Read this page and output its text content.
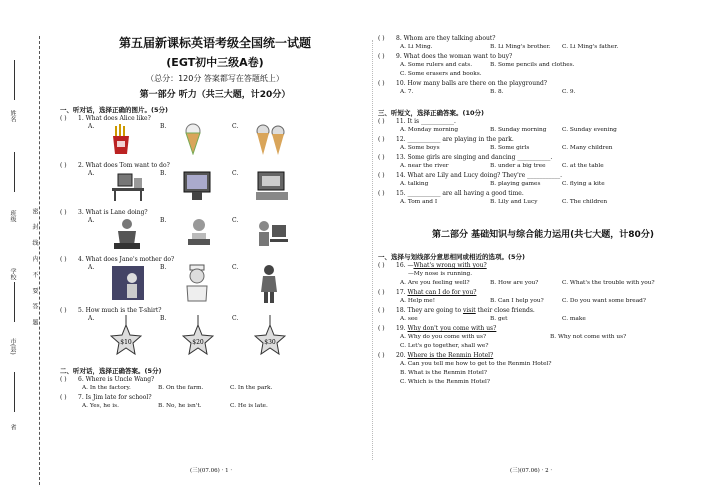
姓名
班级
学校
市(县)
省
密 封 线 内 不 要 答 题
第五届新课标英语考级全国统一试题
(EGT初中三级A卷)
（总分：120分 答案都写在答题纸上）
第一部分 听力（共三大题，计20分）
一、听对话，选择正确的图片。(5分)
( ) 1. What does Alice like?
A.	B.	C.
( ) 2. What does Tom want to do?
A.	B.	C.
( ) 3. What is Lane doing?
A.	B.	C.
( ) 4. What does Jane's mother do?
A.	B.	C.
( ) 5. How much is the T-shirt?
A.
$10
B.
$20
C.
$30
二、听对话，选择正确答案。(5分)
( ) 6. Where is Uncle Wang?
A. In the factory.	B. On the farm.	C. In the park.
( ) 7. Is Jim late for school?
A. Yes, he is.	B. No, he isn't.	C. He is late.
( ) 8. Whom are they talking about?
A. Li Ming.	B. Li Ming's brother.	C. Li Ming's father.
( ) 9. What does the woman want to buy?
A. Some rulers and cats.	B. Some pencils and clothes.
C. Some erasers and books.
( ) 10. How many balls are there on the playground?
A. 7.	B. 8.	C. 9.
三、听短文，选择正确答案。(10分)
( ) 11. It is ___________.
A. Monday morning	B. Sunday morning	C. Sunday evening
( ) 12. ___________ are playing in the park.
A. Some boys	B. Some girls	C. Many children
( ) 13. Some girls are singing and dancing ___________.
A. near the river	B. under a big tree	C. at the table
( ) 14. What are Lily and Lucy doing? They're ___________.
A. talking	B. playing games	C. flying a kite
( ) 15. ___________ are all having a good time.
A. Tom and I	B. Lily and Lucy	C. The children
第二部分 基础知识与综合能力运用(共七大题，计80分)
一、选择与划线部分意思相同或相近的选项。(5分)
( ) 16. —What's wrong with you?
—My nose is running.
A. Are you feeling well?	B. How are you?	C. What's the trouble with you?
( ) 17. What can I do for you?
A. Help me!	B. Can I help you?	C. Do you want some bread?
( ) 18. They are going to visit their close friends.
A. see	B. get	C. make
( ) 19. Why don't you come with us?
A. Why do you come with us?	B. Why not come with us?
C. Let's go together, shall we?
( ) 20. Where is the Renmin Hotel?
A. Can you tell me how to get to the Renmin Hotel?
B. What is the Renmin Hotel?
C. Which is the Renmin Hotel?
(三)(07.06) · 1 ·	(三)(07.06) · 2 ·
